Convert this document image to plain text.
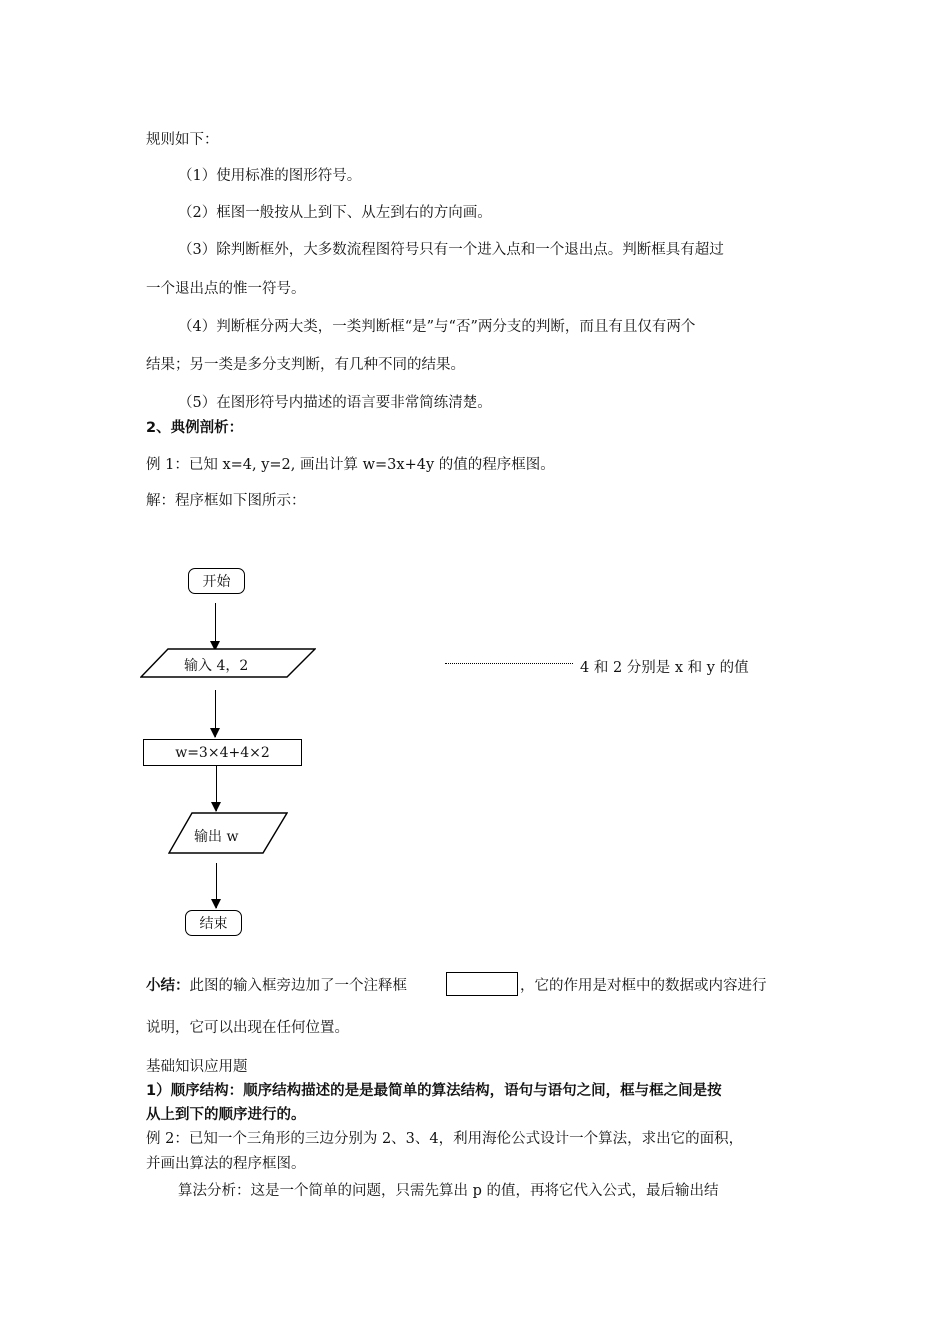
规则如下：
（1）使用标准的图形符号。
（2）框图一般按从上到下、从左到右的方向画。
（3）除判断框外，大多数流程图符号只有一个进入点和一个退出点。判断框具有超过
一个退出点的惟一符号。
（4）判断框分两大类，一类判断框“是”与“否”两分支的判断，而且有且仅有两个
结果；另一类是多分支判断，有几种不同的结果。
（5）在图形符号内描述的语言要非常简练清楚。
2、典例剖析：
例 1：已知 x=4, y=2, 画出计算 w=3x+4y 的值的程序框图。
解：程序框如下图所示：
开始
输入 4，2	4 和 2 分别是 x 和 y 的值
w=3×4+4×2
输出 w
结束
小结：此图的输入框旁边加了一个注释框	，它的作用是对框中的数据或内容进行
说明，它可以出现在任何位置。
基础知识应用题
1）顺序结构：顺序结构描述的是是最简单的算法结构，语句与语句之间，框与框之间是按
从上到下的顺序进行的。
例 2：已知一个三角形的三边分别为 2、3、4，利用海伦公式设计一个算法，求出它的面积，
并画出算法的程序框图。
算法分析：这是一个简单的问题，只需先算出 p 的值，再将它代入公式，最后输出结
